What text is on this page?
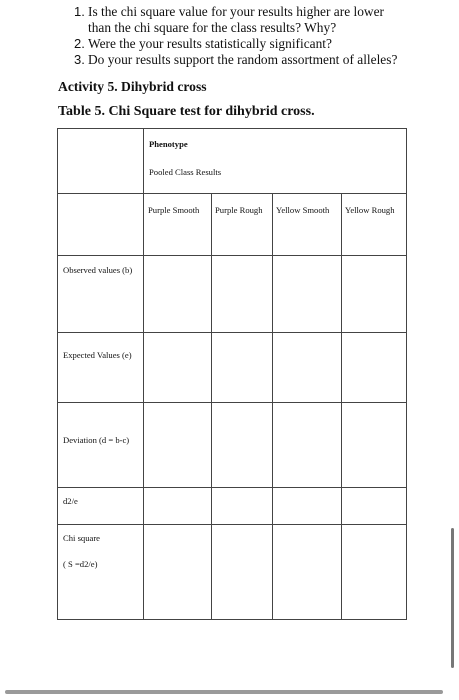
1. Is the chi square value for your results higher are lower
than the chi square for the class results? Why?
2. Were the your results statistically significant?
3. Do your results support the random assortment of alleles?
Activity 5. Dihybrid cross
Table 5. Chi Square test for dihybrid cross.
Phenotype
Pooled Class Results
Purple Smooth Purple Rough Yellow Smooth Yellow Rough
Observed values (b)
Expected Values (e)
Deviation (d = b-c)
d2/e
Chi square
( S =d2/e)
